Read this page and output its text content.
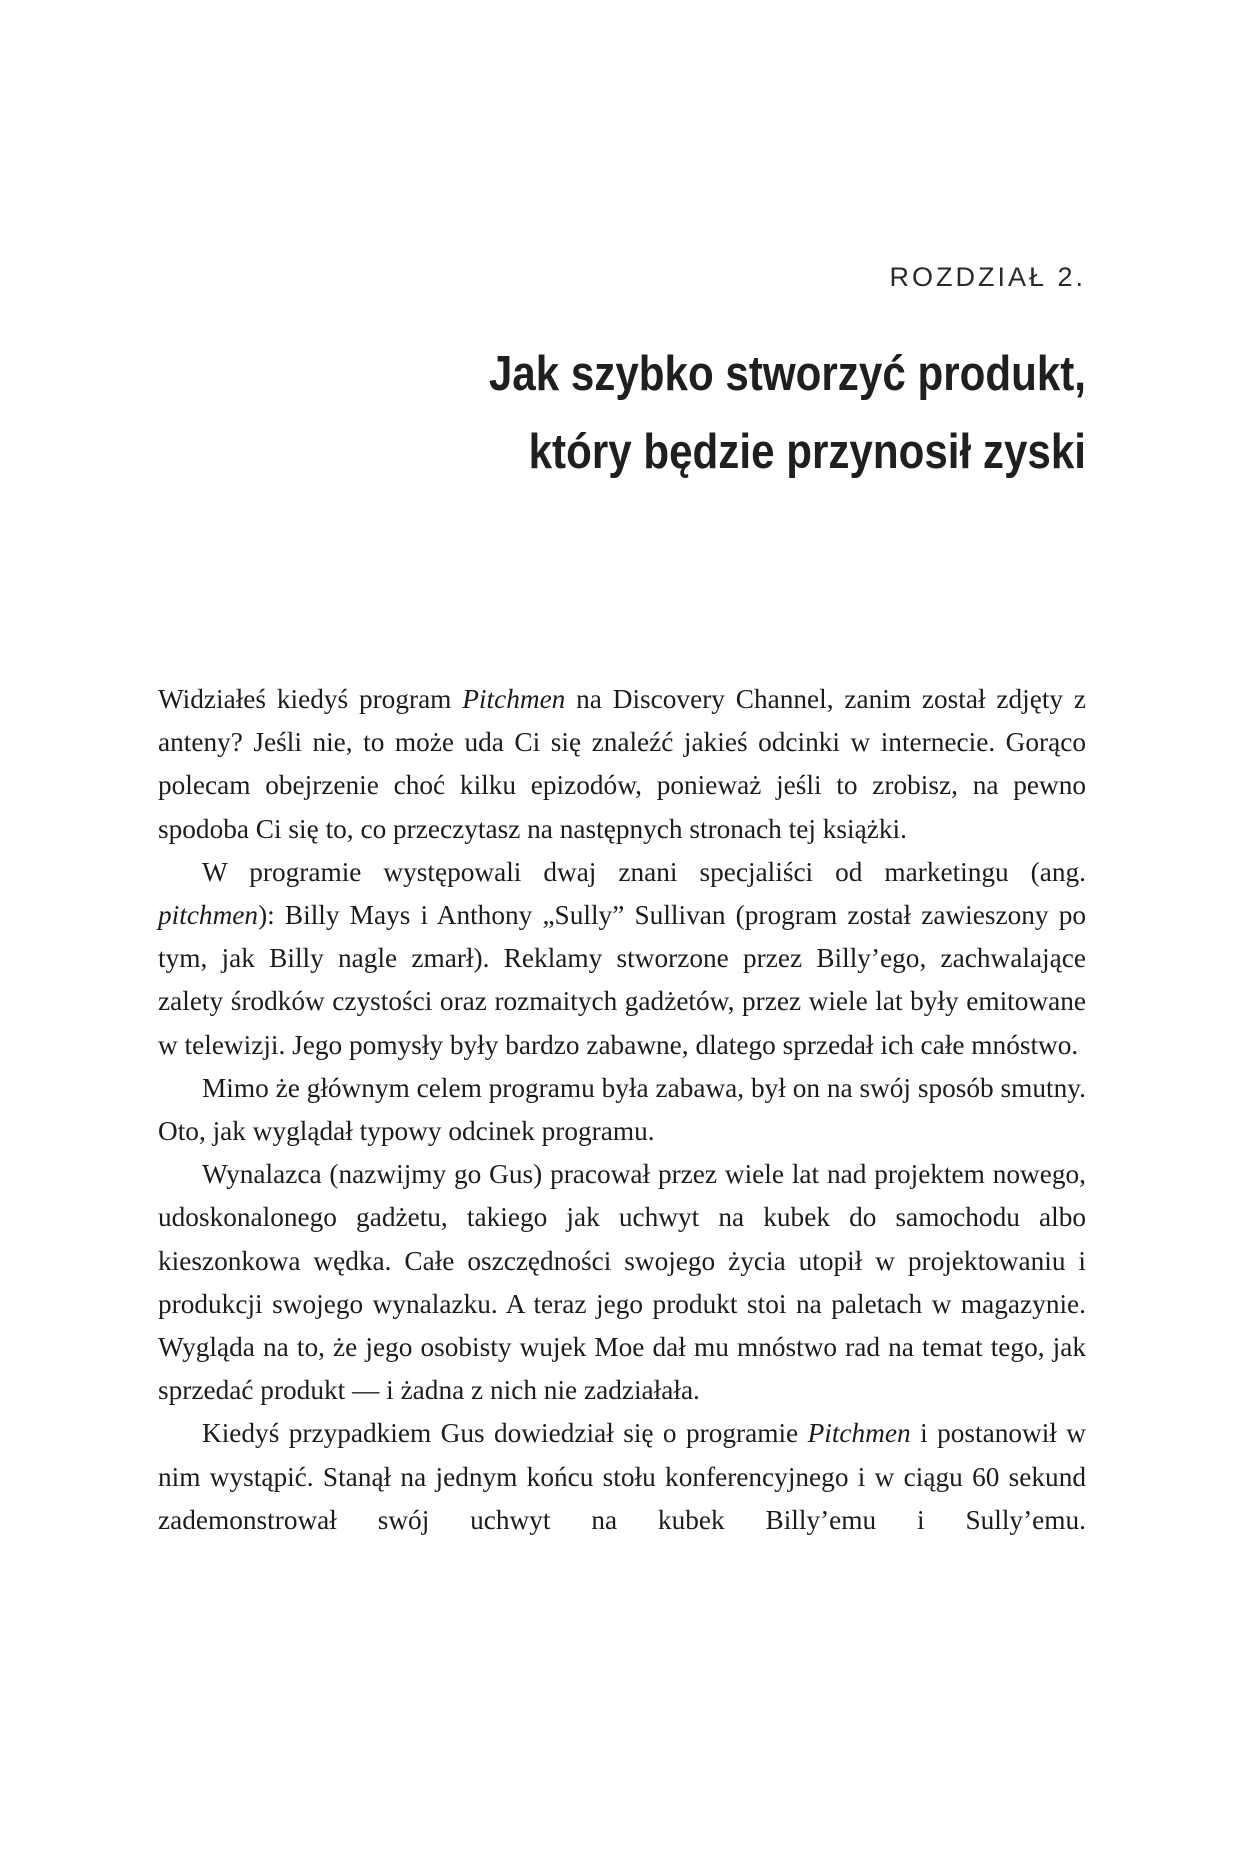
ROZDZIAŁ 2.
Jak szybko stworzyć produkt,
który będzie przynosił zyski

Widziałeś kiedyś program Pitchmen na Discovery Channel, zanim został zdjęty z anteny? Jeśli nie, to może uda Ci się znaleźć jakieś odcinki w internecie. Gorąco polecam obejrzenie choć kilku epizodów, ponieważ jeśli to zrobisz, na pewno spodoba Ci się to, co przeczytasz na następnych stronach tej książki.

W programie występowali dwaj znani specjaliści od marketingu (ang. pitchmen): Billy Mays i Anthony „Sully” Sullivan (program został zawieszony po tym, jak Billy nagle zmarł). Reklamy stworzone przez Billy’ego, zachwalające zalety środków czystości oraz rozmaitych gadżetów, przez wiele lat były emitowane w telewizji. Jego pomysły były bardzo zabawne, dlatego sprzedał ich całe mnóstwo.

Mimo że głównym celem programu była zabawa, był on na swój sposób smutny. Oto, jak wyglądał typowy odcinek programu.

Wynalazca (nazwijmy go Gus) pracował przez wiele lat nad projektem nowego, udoskonalonego gadżetu, takiego jak uchwyt na kubek do samochodu albo kieszonkowa wędka. Całe oszczędności swojego życia utopił w projektowaniu i produkcji swojego wynalazku. A teraz jego produkt stoi na paletach w magazynie. Wygląda na to, że jego osobisty wujek Moe dał mu mnóstwo rad na temat tego, jak sprzedać produkt — i żadna z nich nie zadziałała.

Kiedyś przypadkiem Gus dowiedział się o programie Pitchmen i postanowił w nim wystąpić. Stanął na jednym końcu stołu konferencyjnego i w ciągu 60 sekund zademonstrował swój uchwyt na kubek Billy’emu i Sully’emu.
